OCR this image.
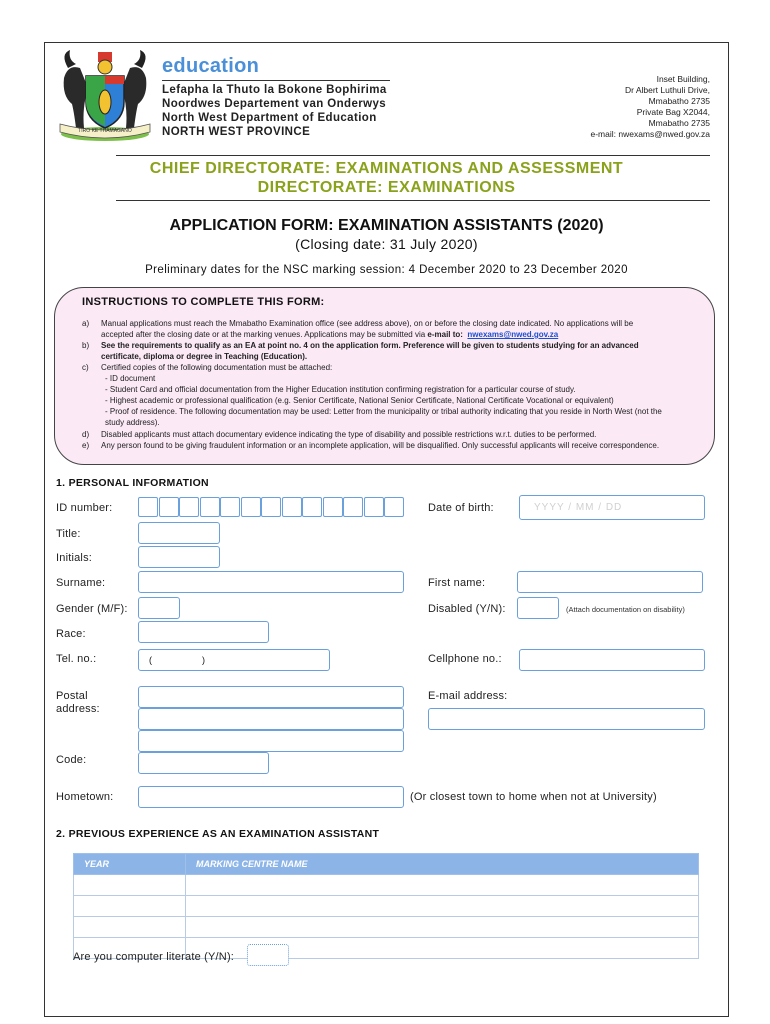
TIRO KE THAMAGANO
education
Lefapha la Thuto la Bokone Bophirima
Noordwes Departement van Onderwys
North West Department of Education
NORTH WEST PROVINCE
Inset Building,
Dr Albert Luthuli Drive,
Mmabatho 2735
Private Bag X2044,
Mmabatho 2735
e-mail: nwexams@nwed.gov.za
CHIEF DIRECTORATE: EXAMINATIONS AND ASSESSMENT
DIRECTORATE: EXAMINATIONS
APPLICATION FORM: EXAMINATION ASSISTANTS (2020)
(Closing date: 31 July 2020)
Preliminary dates for the NSC marking session: 4 December 2020 to 23 December 2020
INSTRUCTIONS TO COMPLETE THIS FORM:
a)	Manual applications must reach the Mmabatho Examination office (see address above), on or before the closing date indicated. No applications will be
accepted after the closing date or at the marking venues. Applications may be submitted via e-mail to: nwexams@nwed.gov.za
b)	See the requirements to qualify as an EA at point no. 4 on the application form. Preference will be given to students studying for an advanced
certificate, diploma or degree in Teaching (Education).
c)	Certified copies of the following documentation must be attached:
- ID document
- Student Card and official documentation from the Higher Education institution confirming registration for a particular course of study.
- Highest academic or professional qualification (e.g. Senior Certificate, National Senior Certificate, National Certificate Vocational or equivalent)
- Proof of residence. The following documentation may be used: Letter from the municipality or tribal authority indicating that you reside in North West (not the
study address).
d)	Disabled applicants must attach documentary evidence indicating the type of disability and possible restrictions w.r.t. duties to be performed.
e)	Any person found to be giving fraudulent information or an incomplete application, will be disqualified. Only successful applicants will receive correspondence.
1. PERSONAL INFORMATION
ID number:	Date of birth:	YYYY / MM / DD
Title:
Initials:
Surname:	First name:
Gender (M/F):	Disabled (Y/N):	(Attach documentation on disability)
Race:
Tel. no.:	(	)	Cellphone no.:
Postal
address:
E-mail address:
Code:
Hometown:	(Or closest town to home when not at University)
2. PREVIOUS EXPERIENCE AS AN EXAMINATION ASSISTANT
YEAR	MARKING CENTRE NAME

Are you computer literate (Y/N):
